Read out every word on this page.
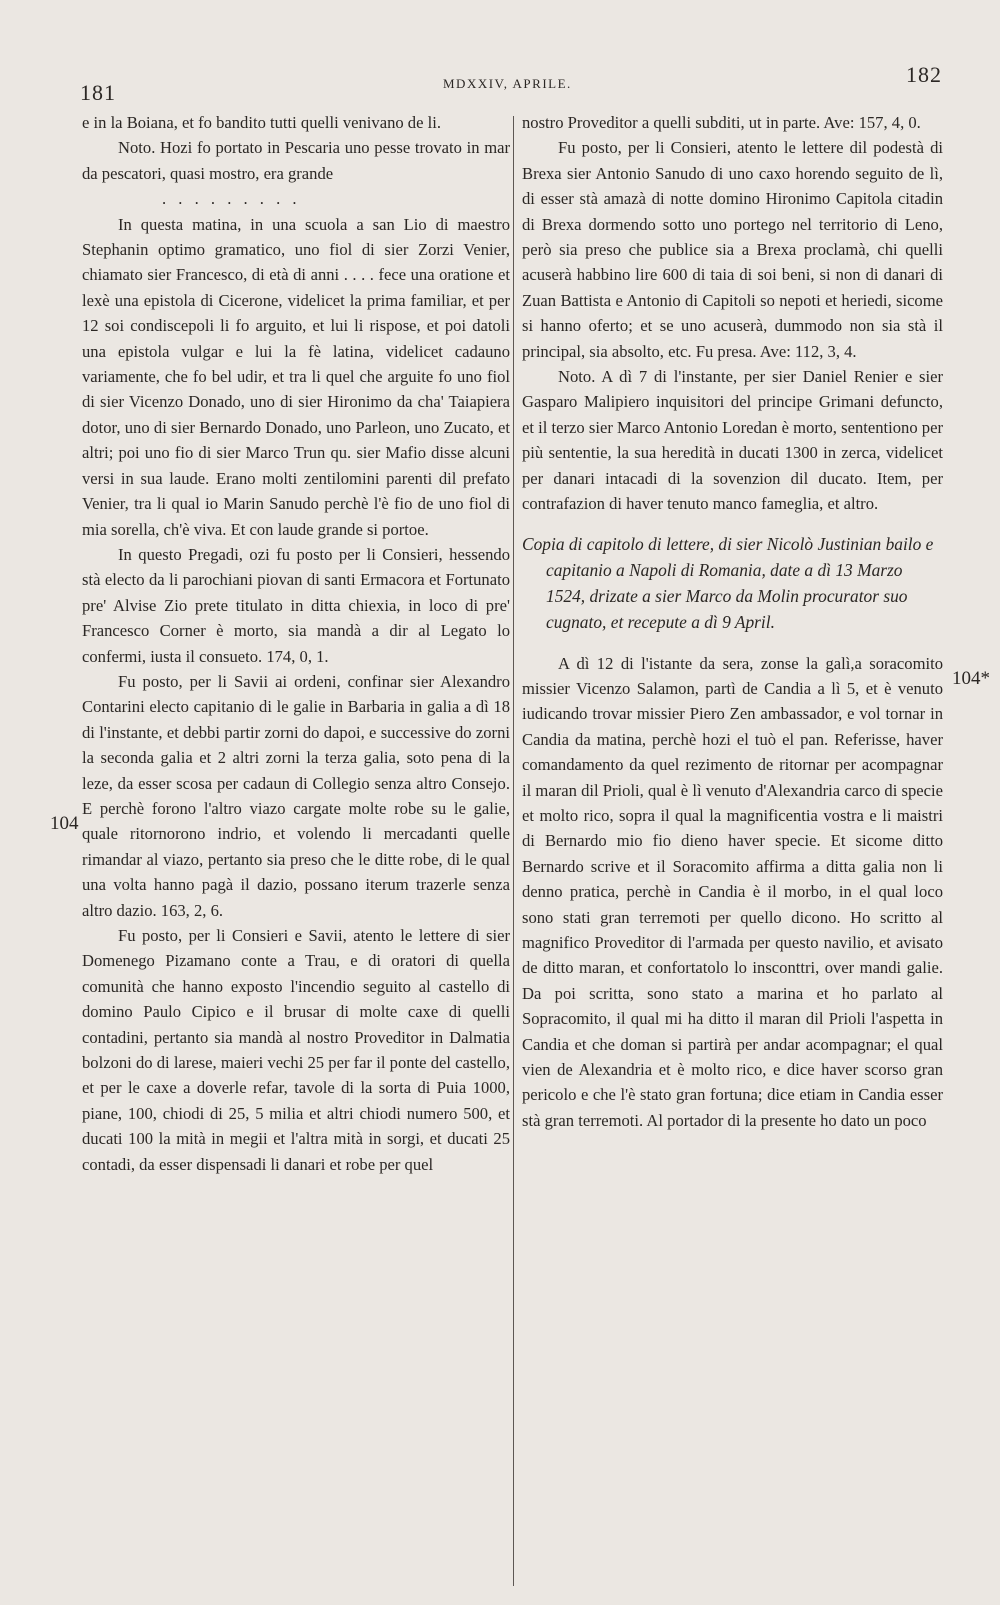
181	MDXXIV, APRILE.	182
104
104*

e in la Boiana, et fo bandito tutti quelli venivano de li.

Noto. Hozi fo portato in Pescaria uno pesse trovato in mar da pescatori, quasi mostro, era grande

. . . . . . . . .

In questa matina, in una scuola a san Lio di maestro Stephanin optimo gramatico, uno fiol di sier Zorzi Venier, chiamato sier Francesco, di età di anni . . . . fece una oratione et lexè una epistola di Cicerone, videlicet la prima familiar, et per 12 soi condiscepoli li fo arguito, et lui li rispose, et poi datoli una epistola vulgar e lui la fè latina, videlicet cadauno variamente, che fo bel udir, et tra li quel che arguite fo uno fiol di sier Vicenzo Donado, uno di sier Hironimo da cha' Taiapiera dotor, uno di sier Bernardo Donado, uno Parleon, uno Zucato, et altri; poi uno fio di sier Marco Trun qu. sier Mafio disse alcuni versi in sua laude. Erano molti zentilomini parenti dil prefato Venier, tra li qual io Marin Sanudo perchè l'è fio de uno fiol di mia sorella, ch'è viva. Et con laude grande si portoe.

In questo Pregadi, ozi fu posto per li Consieri, hessendo stà electo da li parochiani piovan di santi Ermacora et Fortunato pre' Alvise Zio prete titulato in ditta chiexia, in loco di pre' Francesco Corner è morto, sia mandà a dir al Legato lo confermi, iusta il consueto. 174, 0, 1.

Fu posto, per li Savii ai ordeni, confinar sier Alexandro Contarini electo capitanio di le galie in Barbaria in galia a dì 18 di l'instante, et debbi partir zorni do dapoi, e successive do zorni la seconda galia et 2 altri zorni la terza galia, soto pena di la leze, da esser scosa per cadaun di Collegio senza altro Consejo. E perchè forono l'altro viazo cargate molte robe su le galie, quale ritornorono indrio, et volendo li mercadanti quelle rimandar al viazo, pertanto sia preso che le ditte robe, di le qual una volta hanno pagà il dazio, possano iterum trazerle senza altro dazio. 163, 2, 6.

Fu posto, per li Consieri e Savii, atento le lettere di sier Domenego Pizamano conte a Trau, e di oratori di quella comunità che hanno exposto l'incendio seguito al castello di domino Paulo Cipico e il brusar di molte caxe di quelli contadini, pertanto sia mandà al nostro Proveditor in Dalmatia bolzoni do di larese, maieri vechi 25 per far il ponte del castello, et per le caxe a doverle refar, tavole di la sorta di Puia 1000, piane, 100, chiodi di 25, 5 milia et altri chiodi numero 500, et ducati 100 la mità in megii et l'altra mità in sorgi, et ducati 25 contadi, da esser dispensadi li danari et robe per quel

nostro Proveditor a quelli subditi, ut in parte. Ave: 157, 4, 0.

Fu posto, per li Consieri, atento le lettere dil podestà di Brexa sier Antonio Sanudo di uno caxo horendo seguito de lì, di esser stà amazà di notte domino Hironimo Capitola citadin di Brexa dormendo sotto uno portego nel territorio di Leno, però sia preso che publice sia a Brexa proclamà, chi quelli acuserà habbino lire 600 di taia di soi beni, si non di danari di Zuan Battista e Antonio di Capitoli so nepoti et heriedi, sicome si hanno oferto; et se uno acuserà, dummodo non sia stà il principal, sia absolto, etc. Fu presa. Ave: 112, 3, 4.

Noto. A dì 7 di l'instante, per sier Daniel Renier e sier Gasparo Malipiero inquisitori del principe Grimani defuncto, et il terzo sier Marco Antonio Loredan è morto, sententiono per più sententie, la sua heredità in ducati 1300 in zerca, videlicet per danari intacadi di la sovenzion dil ducato. Item, per contrafazion di haver tenuto manco fameglia, et altro.

Copia di capitolo di lettere, di sier Nicolò Justinian bailo e capitanio a Napoli di Romania, date a dì 13 Marzo 1524, drizate a sier Marco da Molin procurator suo cugnato, et recepute a dì 9 April.

A dì 12 di l'istante da sera, zonse la galì,a soracomito missier Vicenzo Salamon, partì de Candia a lì 5, et è venuto iudicando trovar missier Piero Zen ambassador, e vol tornar in Candia da matina, perchè hozi el tuò el pan. Referisse, haver comandamento da quel rezimento de ritornar per acompagnar il maran dil Prioli, qual è lì venuto d'Alexandria carco di specie et molto rico, sopra il qual la magnificentia vostra e li maistri di Bernardo mio fio dieno haver specie. Et sicome ditto Bernardo scrive et il Soracomito affirma a ditta galia non li denno pratica, perchè in Candia è il morbo, in el qual loco sono stati gran terremoti per quello dicono. Ho scritto al magnifico Proveditor di l'armada per questo navilio, et avisato de ditto maran, et confortatolo lo insconttri, over mandi galie. Da poi scritta, sono stato a marina et ho parlato al Sopracomito, il qual mi ha ditto il maran dil Prioli l'aspetta in Candia et che doman si partirà per andar acompagnar; el qual vien de Alexandria et è molto rico, e dice haver scorso gran pericolo e che l'è stato gran fortuna; dice etiam in Candia esser stà gran terremoti. Al portador di la presente ho dato un poco
